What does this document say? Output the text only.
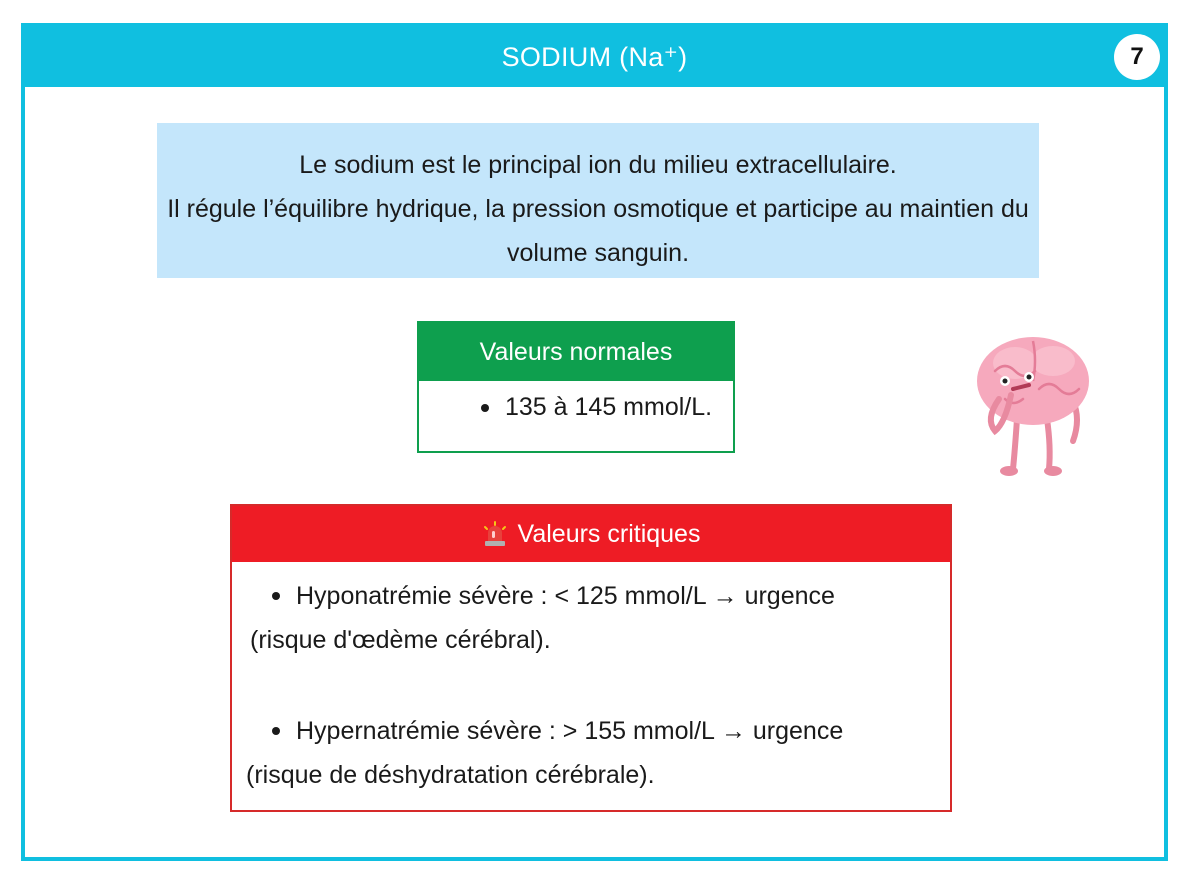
SODIUM (Na⁺)	7

Le sodium est le principal ion du milieu extracellulaire.

Il régule l’équilibre hydrique, la pression osmotique et participe au maintien du volume sanguin.

Valeurs normales
135 à 145 mmol/L.
Valeurs critiques
Hyponatrémie sévère : < 125 mmol/L → urgence
(risque d'œdème cérébral).
Hypernatrémie sévère : > 155 mmol/L → urgence
(risque de déshydratation cérébrale).
